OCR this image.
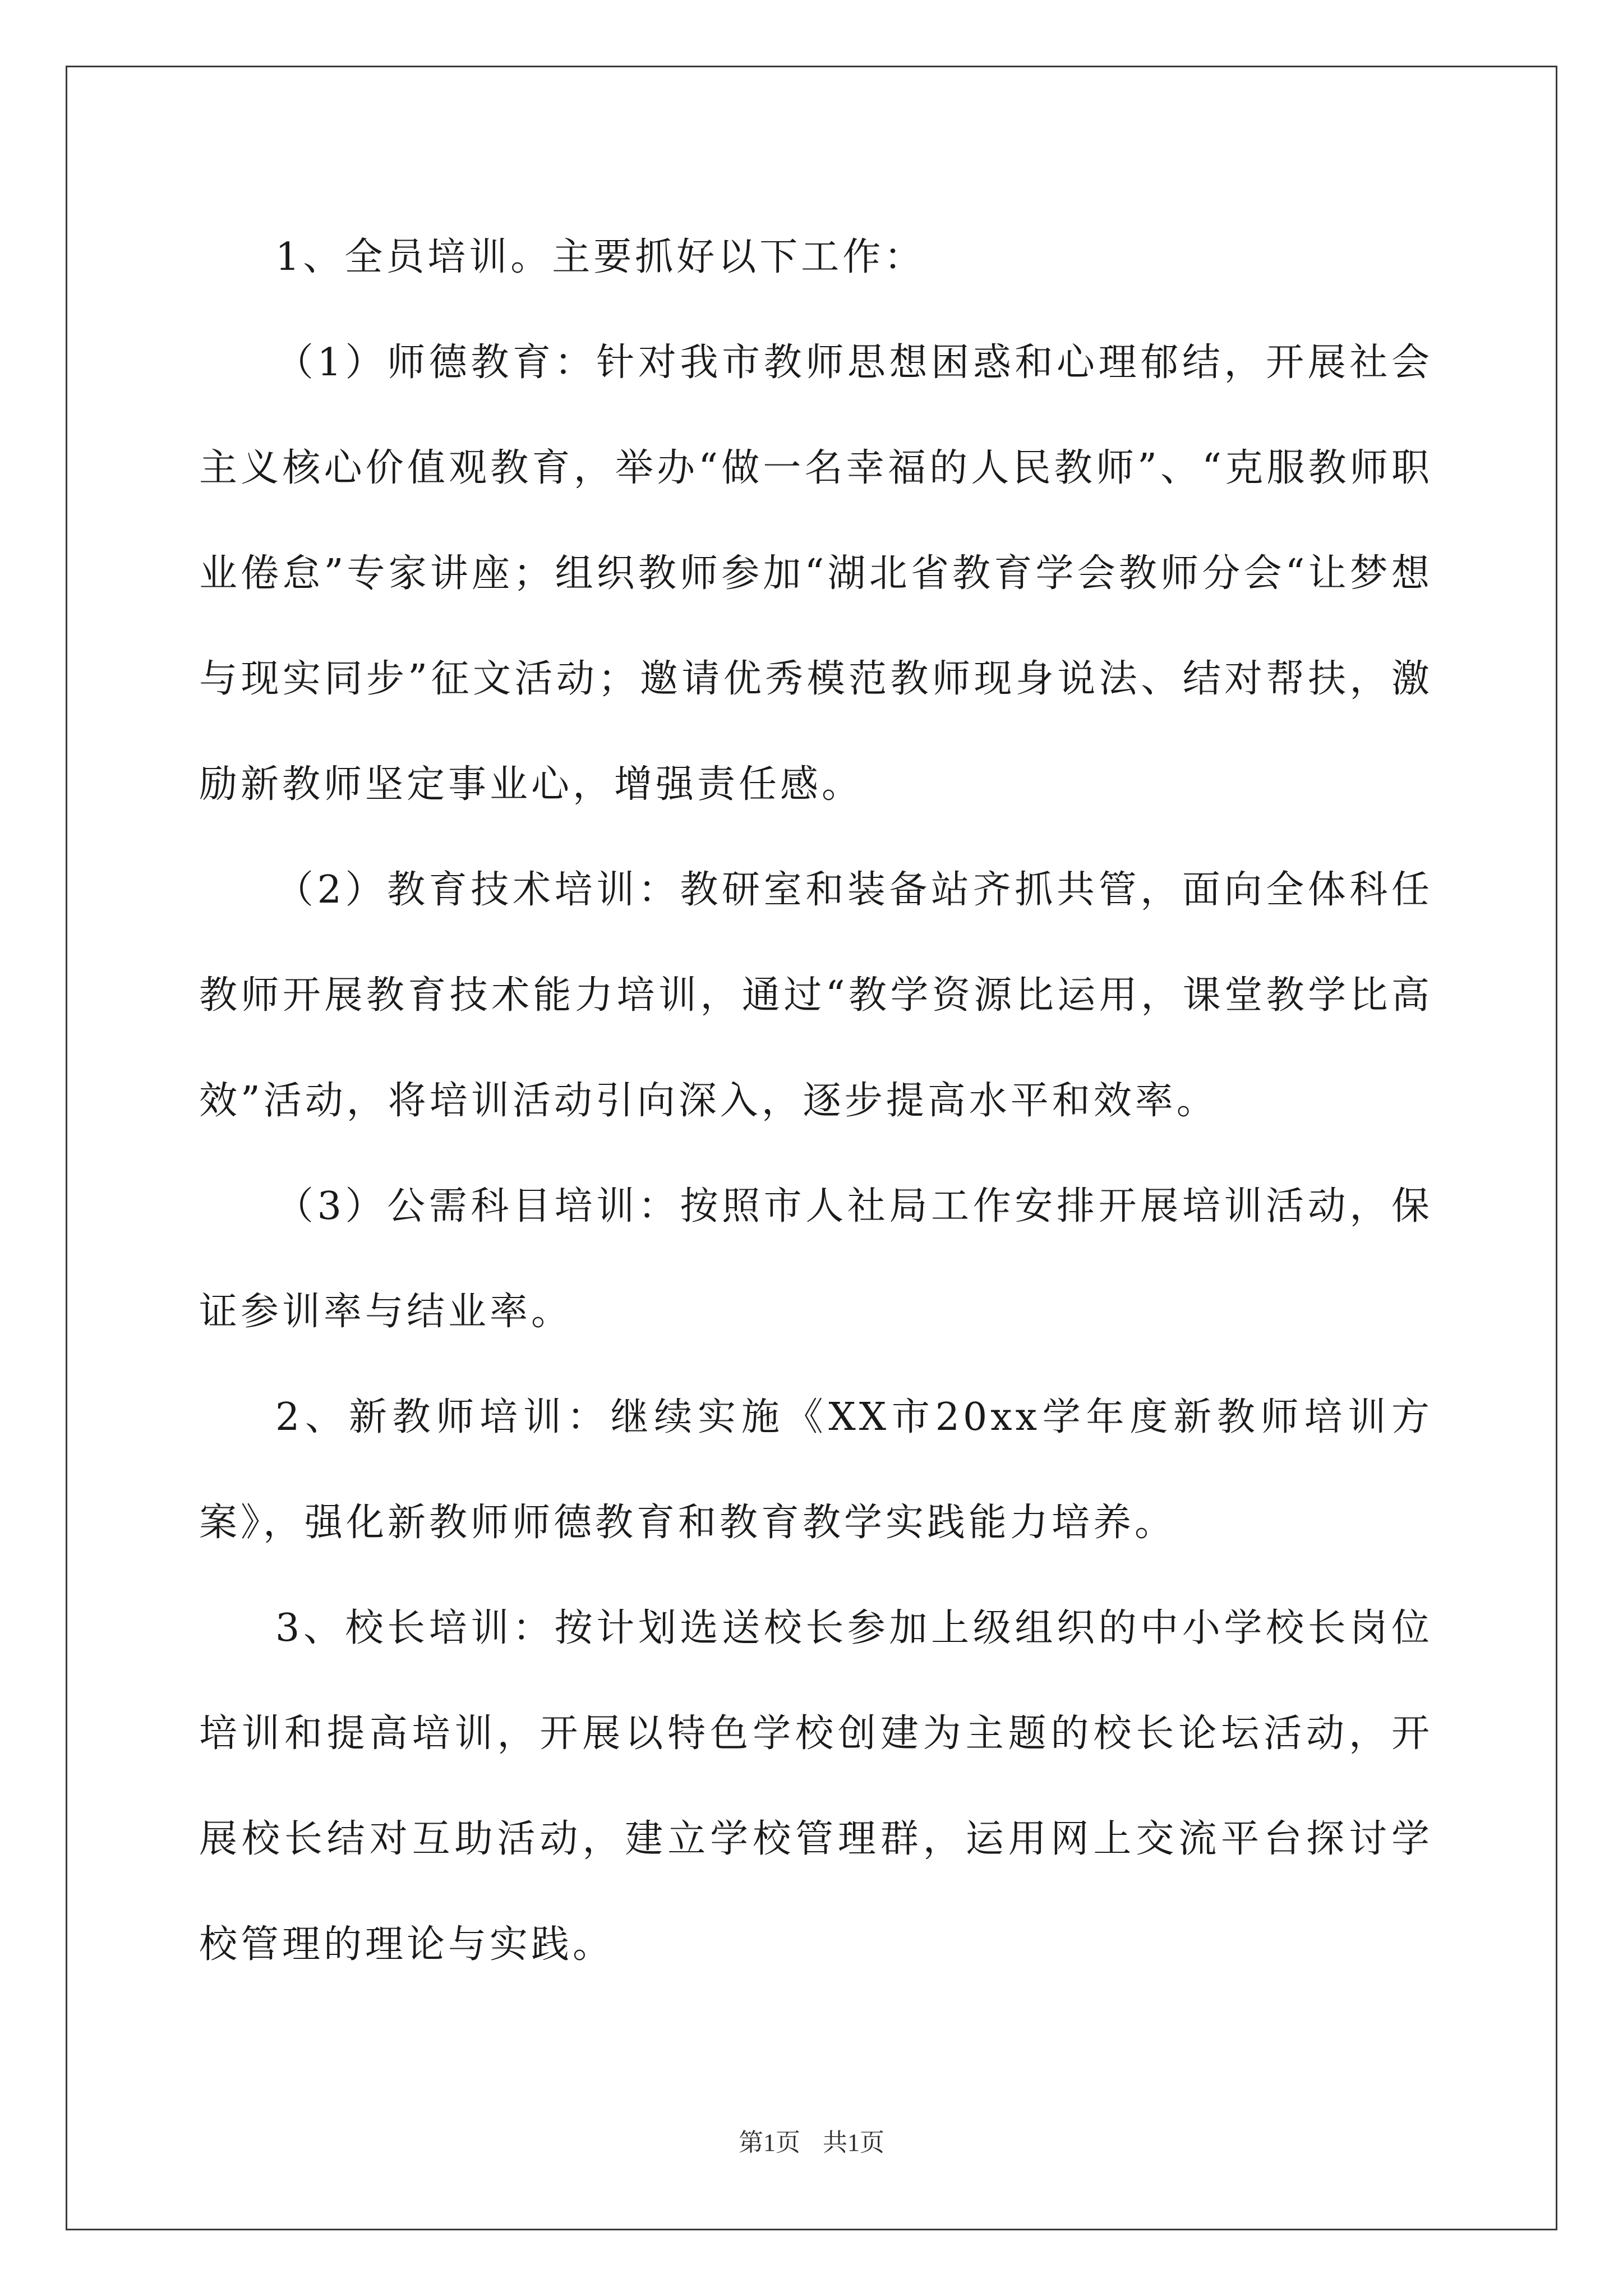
1、全员培训。主要抓好以下工作：

（1）师德教育：针对我市教师思想困惑和心理郁结，开展社会主义核心价值观教育，举办“做一名幸福的人民教师”、“克服教师职业倦怠”专家讲座；组织教师参加“湖北省教育学会教师分会“让梦想与现实同步”征文活动；邀请优秀模范教师现身说法、结对帮扶，激励新教师坚定事业心，增强责任感。

（2）教育技术培训：教研室和装备站齐抓共管，面向全体科任教师开展教育技术能力培训，通过“教学资源比运用，课堂教学比高效”活动，将培训活动引向深入，逐步提高水平和效率。

（3）公需科目培训：按照市人社局工作安排开展培训活动，保证参训率与结业率。

2、新教师培训：继续实施《XX市20xx学年度新教师培训方案》，强化新教师师德教育和教育教学实践能力培养。

3、校长培训：按计划选送校长参加上级组织的中小学校长岗位培训和提高培训，开展以特色学校创建为主题的校长论坛活动，开展校长结对互助活动，建立学校管理群，运用网上交流平台探讨学校管理的理论与实践。

第1页 共1页
